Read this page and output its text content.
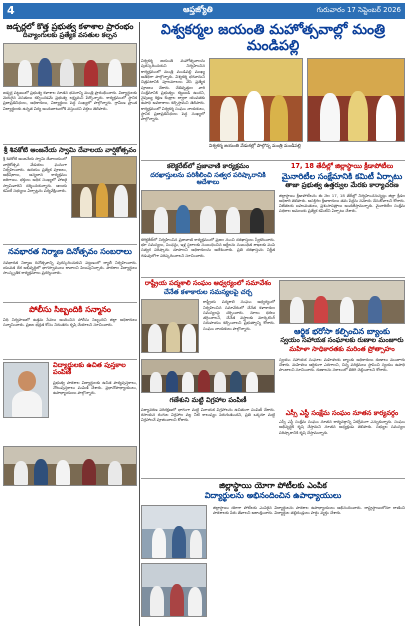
4	ఆప్తజ్యోతి	గురువారం 17 సెప్టెంబర్ 2026
జడ్చర్లలో కొత్త ప్రభుత్వ కళాశాల ప్రారంభం
దివ్యాంగులకు ప్రత్యేక వసతుల కల్పన
జడ్చర్ల పట్టణంలో ప్రభుత్వ కళాశాల నూతన భవనాన్ని మంత్రి ప్రారంభించారు. విద్యార్థులకు మెరుగైన వసతులు కల్పించడమే ప్రభుత్వ లక్ష్యమని పేర్కొన్నారు. కార్యక్రమంలో స్థానిక ప్రజాప్రతినిధులు, అధికారులు, విద్యార్థులు పెద్ద సంఖ్యలో పాల్గొన్నారు. గ్రామీణ ప్రాంత విద్యార్థులకు ఉన్నత విద్య అందుబాటులోకి వస్తుందని వక్తలు తెలిపారు.
శ్రీ శివకోటి ఆంజనేయ స్వామి దేవాలయ వార్షికోత్సవం
శ్రీ శివకోటి ఆంజనేయ స్వామి దేవాలయంలో వార్షికోత్సవ వేడుకలు ఘనంగా నిర్వహించారు. ఉదయం ప్రత్యేక పూజలు, అభిషేకాలు, అన్నదాన కార్యక్రమం జరిగాయి. భక్తులు అధిక సంఖ్యలో హాజరై స్వామివారిని దర్శించుకున్నారు. ఆలయ కమిటీ సభ్యులు ఏర్పాట్లను పర్యవేక్షించారు.
నవభారత నిర్మాణ దినోత్సవం సంబరాలు
నవభారత నిర్మాణ దినోత్సవాన్ని పురస్కరించుకుని పట్టణంలో ర్యాలీ నిర్వహించారు. యువత దేశ అభివృద్ధిలో భాగస్వాములు కావాలని పిలుపునిచ్చారు. పాఠశాల విద్యార్థులు సాంస్కృతిక కార్యక్రమాలు ప్రదర్శించారు.
పోలీసు సిబ్బందికి సన్మానం
విధి నిర్వహణలో ఉత్తమ సేవలు అందించిన పోలీసు సిబ్బందిని జిల్లా అధికారులు సన్మానించారు. ప్రజల భద్రత కోసం నిరంతరం కృషి చేయాలని సూచించారు.
విద్యార్థులకు ఉచిత పుస్తకాల పంపిణీ
ప్రభుత్వ పాఠశాల విద్యార్థులకు ఉచిత పాఠ్యపుస్తకాలు, నోటుపుస్తకాలు పంపిణీ చేశారు. ప్రధానోపాధ్యాయులు, ఉపాధ్యాయులు పాల్గొన్నారు.
విశ్వకర్మల జయంతి మహోత్సవాల్లో మంత్రి మండిపల్లి
విశ్వకర్మ జయంతి మహోత్సవాలను పురస్కరించుకుని నిర్వహించిన కార్యక్రమంలో మంత్రి మండిపల్లి ముఖ్య అతిథిగా పాల్గొన్నారు. విశ్వకర్మ భగవానుని చిత్రపటానికి పూలమాలలు వేసి ప్రత్యేక పూజలు చేశారు. చేతివృత్తుల వారి సంక్షేమానికి ప్రభుత్వం కట్టుబడి ఉందని, నైపుణ్య శిక్షణ కేంద్రాల ద్వారా యువతకు ఉపాధి అవకాశాలు కల్పిస్తామని తెలిపారు. కార్యక్రమంలో విశ్వకర్మ సంఘం నాయకులు, స్థానిక ప్రజాప్రతినిధులు పెద్ద సంఖ్యలో పాల్గొన్నారు.
విశ్వకర్మ జయంతి వేడుకల్లో పాల్గొన్న మంత్రి మండిపల్లి
కలెక్టరేట్‌లో ప్రజావాణి కార్యక్రమం
దరఖాస్తులను పరిశీలించి సత్వర పరిష్కారానికి ఆదేశాలు
కలెక్టరేట్‌లో నిర్వహించిన ప్రజావాణి కార్యక్రమంలో ప్రజల నుంచి దరఖాస్తులు స్వీకరించారు. భూ సమస్యలు, పింఛన్లు, ఇళ్ల స్థలాలకు సంబంధించిన అర్జీలను సంబంధిత శాఖలకు పంపి సత్వర పరిష్కారం చూపాలని అధికారులను ఆదేశించారు. ప్రతి దరఖాస్తును నిర్ణీత గడువులోగా పరిష్కరించాలని సూచించారు.
17, 18 తేదీల్లో జిల్లాస్థాయి క్రీడాపోటీలు
మైనారిటీల సంక్షేమానికి కమిటీ ఏర్పాటు
తాజా ప్రభుత్వ ఉత్తర్వుల మేరకు కార్యాచరణ
జిల్లాస్థాయి క్రీడాపోటీలను ఈ నెల 17, 18 తేదీల్లో నిర్వహించనున్నట్లు జిల్లా క్రీడల అధికారి తెలిపారు. ఆసక్తిగల క్రీడాకారులు తమ పేర్లను నమోదు చేసుకోవాలని కోరారు. విజేతలకు బహుమతులు, ప్రశంసాపత్రాలు అందజేస్తామన్నారు. మైనారిటీల సంక్షేమ పథకాల అమలుకు ప్రత్యేక కమిటీని ఏర్పాటు చేశారు.
రాష్ట్రీయ పద్మశాలి సంఘం ఆధ్వర్యంలో సమావేశం
చేనేత కళాకారుల సమస్యలపై చర్చ
రాష్ట్రీయ పద్మశాలి సంఘం ఆధ్వర్యంలో నిర్వహించిన సమావేశంలో చేనేత కళాకారుల సమస్యలపై చర్చించారు. నూలు ధరలు తగ్గించాలని, చేనేత వస్త్రాలకు మార్కెటింగ్ సదుపాయం కల్పించాలని ప్రభుత్వాన్ని కోరారు. సంఘం నాయకులు పాల్గొన్నారు.
గణేశుని మట్టి విగ్రహాల పంపిణీ
పర్యావరణ పరిరక్షణలో భాగంగా మట్టి వినాయక విగ్రహాలను ఉచితంగా పంపిణీ చేశారు. రసాయన రంగుల విగ్రహాల వల్ల నీటి కాలుష్యం పెరుగుతుందని, ప్రతి ఒక్కరూ మట్టి విగ్రహాలనే పూజించాలని కోరారు.
ఆర్థిక భరోసా కల్పించిన బ్యాంకు
స్వయం సహాయక సంఘాలకు రుణాల మంజూరు
మహిళా సాధికారతకు మరింత ప్రోత్సాహం
స్వయం సహాయక సంఘాల మహిళలకు బ్యాంకు అధికారులు రుణాలు మంజూరు చేశారు. మహిళలు ఆర్థికంగా ఎదగాలని, చిన్న పరిశ్రమలు స్థాపించి స్వయం ఉపాధి పొందాలని సూచించారు. రుణాలను సకాలంలో తిరిగి చెల్లించాలని కోరారు.
ఎస్సీ ఎస్టీ సంక్షేమ సంఘం నూతన కార్యవర్గం
ఎస్సీ ఎస్టీ సంక్షేమ సంఘం నూతన కార్యవర్గాన్ని ఏకగ్రీవంగా ఎన్నుకున్నారు. సంఘం అభివృద్ధికి కృషి చేస్తామని నూతన అధ్యక్షుడు తెలిపారు. సభ్యుల సమస్యల పరిష్కారానికి కృషి చేస్తామన్నారు.
జిల్లాస్థాయి యోగా పోటీలకు ఎంపిక
విద్యార్థులను అభినందించిన ఉపాధ్యాయులు
జిల్లాస్థాయి యోగా పోటీలకు ఎంపికైన విద్యార్థులను పాఠశాల ఉపాధ్యాయులు అభినందించారు. రాష్ట్రస్థాయిలోనూ రాణించి పాఠశాలకు పేరు తేవాలని ఆకాంక్షించారు. విద్యార్థుల తల్లిదండ్రులు హర్షం వ్యక్తం చేశారు.
